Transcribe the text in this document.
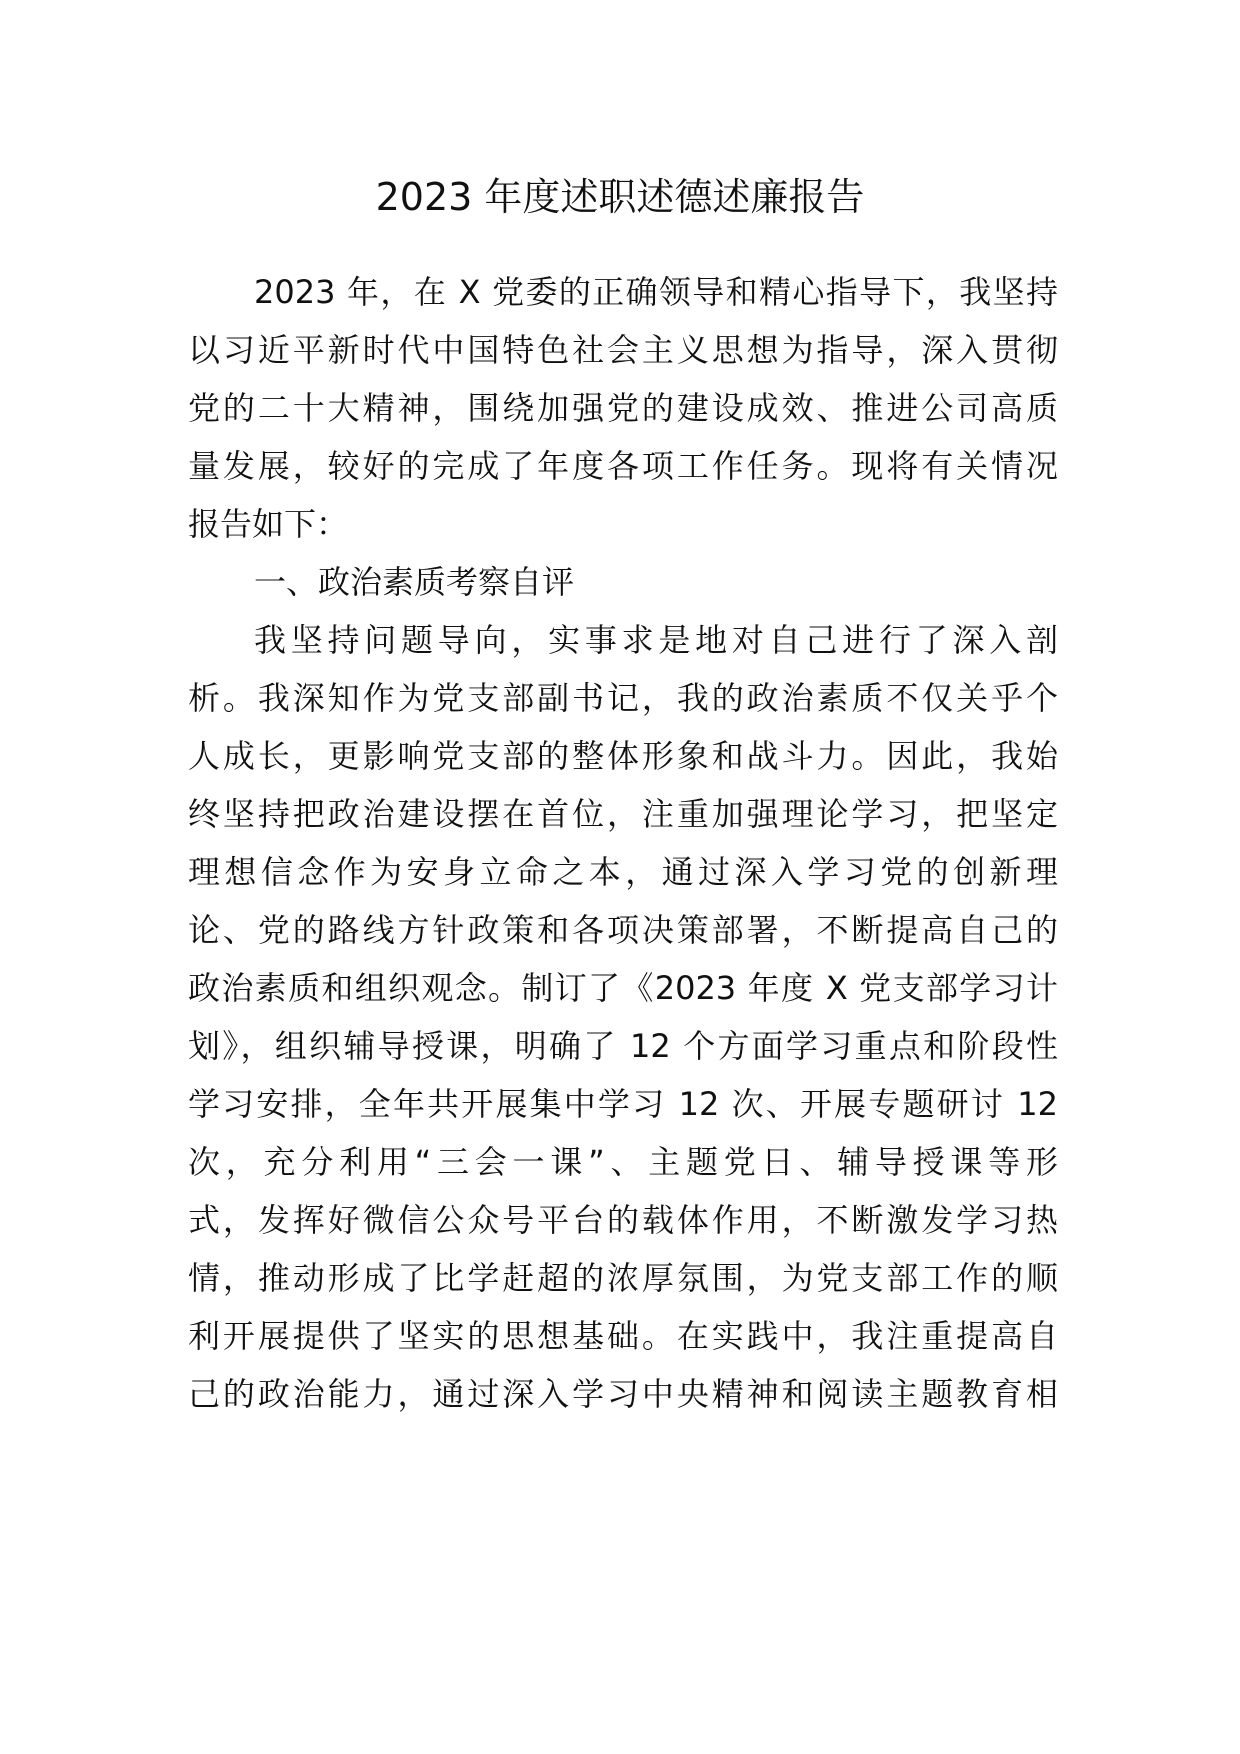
2023 年度述职述德述廉报告
2023 年，在 X 党委的正确领导和精心指导下，我坚持
以习近平新时代中国特色社会主义思想为指导，深入贯彻
党的二十大精神，围绕加强党的建设成效、推进公司高质
量发展，较好的完成了年度各项工作任务。现将有关情况
报告如下：
一、政治素质考察自评
我坚持问题导向，实事求是地对自己进行了深入剖
析。我深知作为党支部副书记，我的政治素质不仅关乎个
人成长，更影响党支部的整体形象和战斗力。因此，我始
终坚持把政治建设摆在首位，注重加强理论学习，把坚定
理想信念作为安身立命之本，通过深入学习党的创新理
论、党的路线方针政策和各项决策部署，不断提高自己的
政治素质和组织观念。制订了《2023 年度 X 党支部学习计
划》，组织辅导授课，明确了 12 个方面学习重点和阶段性
学习安排，全年共开展集中学习 12 次、开展专题研讨 12
次，充分利用“三会一课”、主题党日、辅导授课等形
式，发挥好微信公众号平台的载体作用，不断激发学习热
情，推动形成了比学赶超的浓厚氛围，为党支部工作的顺
利开展提供了坚实的思想基础。在实践中，我注重提高自
己的政治能力，通过深入学习中央精神和阅读主题教育相
